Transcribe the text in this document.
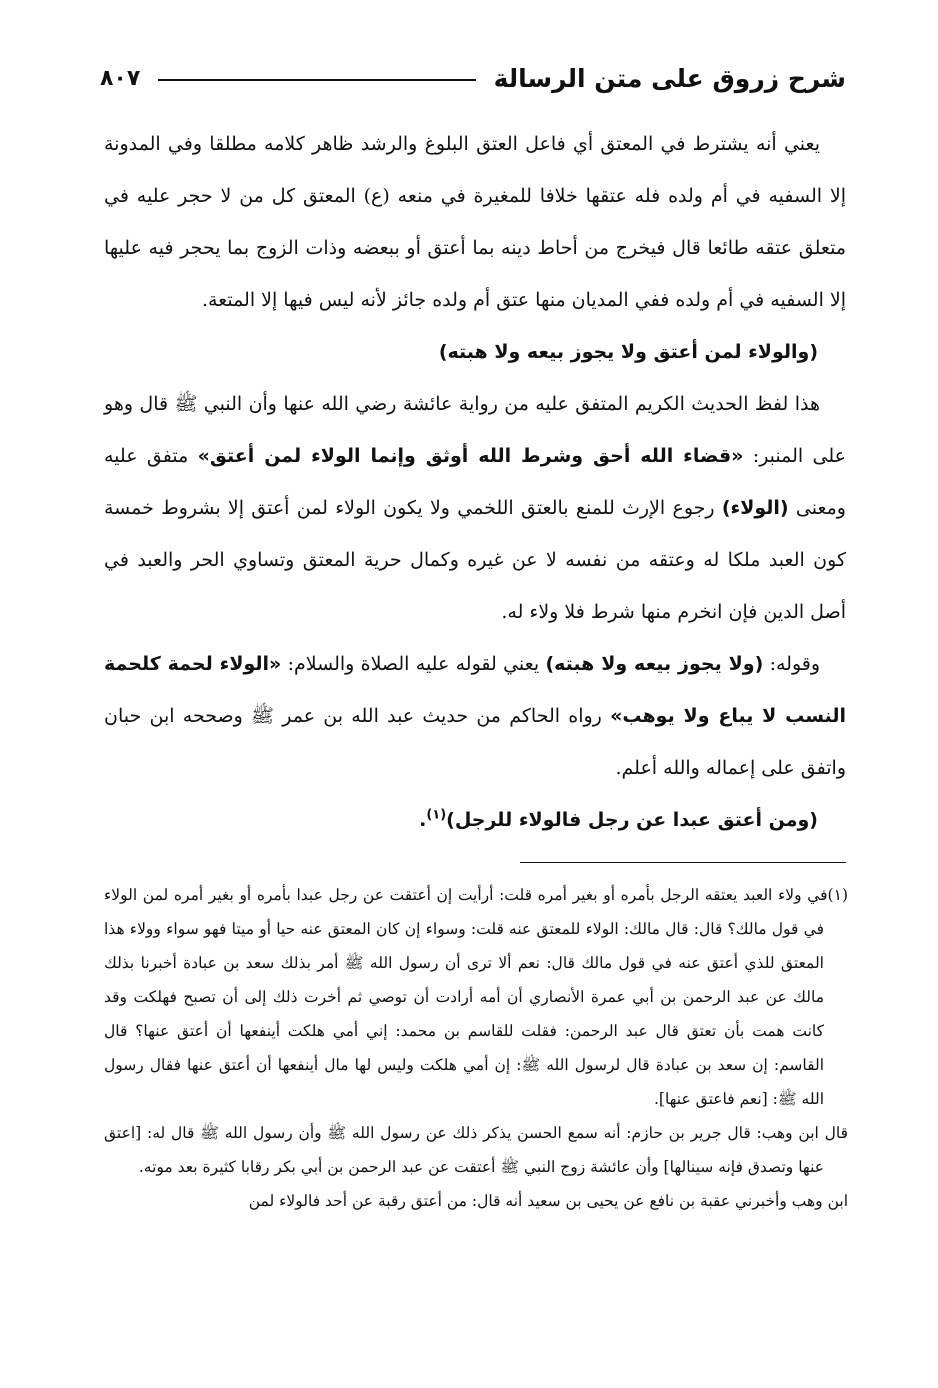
شرح زروق على متن الرسالة
٨٠٧

يعني أنه يشترط في المعتق أي فاعل العتق البلوغ والرشد ظاهر كلامه مطلقا وفي المدونة إلا السفيه في أم ولده فله عتقها خلافا للمغيرة في منعه (ع) المعتق كل من لا حجر عليه في متعلق عتقه طائعا قال فيخرج من أحاط دينه بما أعتق أو ببعضه وذات الزوج بما يحجر فيه عليها إلا السفيه في أم ولده ففي المديان منها عتق أم ولده جائز لأنه ليس فيها إلا المتعة.

(والولاء لمن أعتق ولا يجوز بيعه ولا هبته)

هذا لفظ الحديث الكريم المتفق عليه من رواية عائشة رضي الله عنها وأن النبي ﷺ قال وهو على المنبر: «قضاء الله أحق وشرط الله أوثق وإنما الولاء لمن أعتق» متفق عليه ومعنى (الولاء) رجوع الإرث للمنع بالعتق اللخمي ولا يكون الولاء لمن أعتق إلا بشروط خمسة كون العبد ملكا له وعتقه من نفسه لا عن غيره وكمال حرية المعتق وتساوي الحر والعبد في أصل الدين فإن انخرم منها شرط فلا ولاء له.

وقوله: (ولا يجوز بيعه ولا هبته) يعني لقوله عليه الصلاة والسلام: «الولاء لحمة كلحمة النسب لا يباع ولا يوهب» رواه الحاكم من حديث عبد الله بن عمر ﷺ وصححه ابن حبان واتفق على إعماله والله أعلم.

(ومن أعتق عبدا عن رجل فالولاء للرجل)$^{(١)}$.

(١)في ولاء العبد يعتقه الرجل بأمره أو بغير أمره قلت: أرأيت إن أعتقت عن رجل عبدا بأمره أو بغير أمره لمن الولاء في قول مالك؟ قال: قال مالك: الولاء للمعتق عنه قلت: وسواء إن كان المعتق عنه حيا أو ميتا فهو سواء وولاء هذا المعتق للذي أعتق عنه في قول مالك قال: نعم ألا ترى أن رسول الله ﷺ أمر بذلك سعد بن عبادة أخبرنا بذلك مالك عن عبد الرحمن بن أبي عمرة الأنصاري أن أمه أرادت أن توصي ثم أخرت ذلك إلى أن تصبح فهلكت وقد كانت همت بأن تعتق قال عبد الرحمن: فقلت للقاسم بن محمد: إني أمي هلكت أينفعها أن أعتق عنها؟ قال القاسم: إن سعد بن عبادة قال لرسول الله ﷺ: إن أمي هلكت وليس لها مال أينفعها أن أعتق عنها فقال رسول الله ﷺ: [نعم فاعتق عنها].

قال ابن وهب: قال جرير بن حازم: أنه سمع الحسن يذكر ذلك عن رسول الله ﷺ وأن رسول الله ﷺ قال له: [اعتق عنها وتصدق فإنه سينالها] وأن عائشة زوج النبي ﷺ أعتقت عن عبد الرحمن بن أبي بكر رقابا كثيرة بعد موته.

ابن وهب وأخبرني عقبة بن نافع عن يحيى بن سعيد أنه قال: من أعتق رقبة عن أحد فالولاء لمن
